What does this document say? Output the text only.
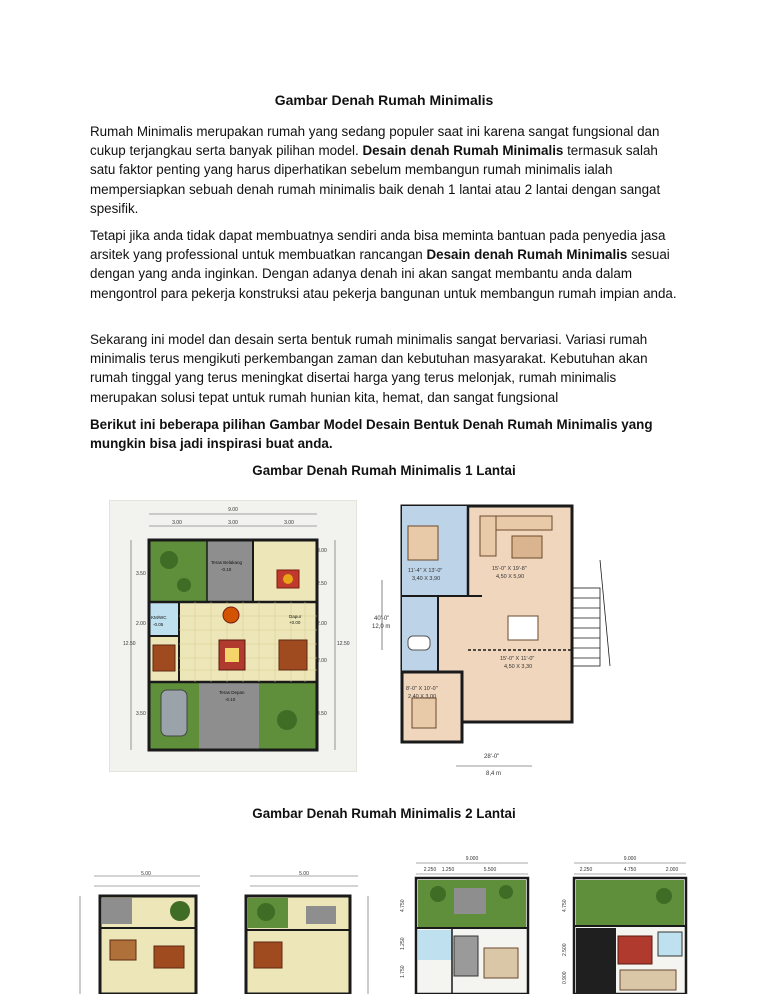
Gambar Denah Rumah Minimalis

Rumah Minimalis merupakan rumah yang sedang populer saat ini karena sangat fungsional dan cukup terjangkau serta banyak pilihan model. Desain denah Rumah Minimalis termasuk salah satu faktor penting yang harus diperhatikan sebelum membangun rumah minimalis ialah mempersiapkan sebuah denah rumah minimalis baik denah 1 lantai atau 2 lantai dengan sangat spesifik.

Tetapi jika anda tidak dapat membuatnya sendiri anda bisa meminta bantuan pada penyedia jasa arsitek yang professional untuk membuatkan rancangan Desain denah Rumah Minimalis sesuai dengan yang anda inginkan. Dengan adanya denah ini akan sangat membantu anda dalam mengontrol para pekerja konstruksi atau pekerja bangunan untuk membangun rumah impian anda.

Sekarang ini model dan desain serta bentuk rumah minimalis sangat bervariasi. Variasi rumah minimalis terus mengikuti perkembangan zaman dan kebutuhan masyarakat. Kebutuhan akan rumah tinggal yang terus meningkat disertai harga yang terus melonjak, rumah minimalis merupakan solusi tepat untuk rumah hunian kita, hemat, dan sangat fungsional

Berikut ini beberapa pilihan Gambar Model Desain Bentuk Denah Rumah Minimalis yang mungkin bisa jadi inspirasi buat anda.

Gambar Denah Rumah Minimalis 1 Lantai
9.00
3.00	3.00	3.00
3.50
2.00
3.50
12.50
3.00
2.50
2.00
2.00
3.50
12.50
Teras Belakang
-0.10
Dapur
+0.00
KM/WC
-0.05
Teras Depan
-0.10
11'-4" X 13'-0"
3,40 X 3,90
15'-0" X 19'-8"
4,50 X 5,90
15'-0" X 11'-0"
4,50 X 3,30
8'-0" X 10'-0"
2,40 X 3,00
40'-0"
12,0 m
28'-0"
8,4 m
Gambar Denah Rumah Minimalis 2 Lantai
5.00	5.00
9.000
2.250 1.250	5.500
4.750
1.250
1.750
9.000
2.250	4.750	2.000
4.750
2.500
0.900
